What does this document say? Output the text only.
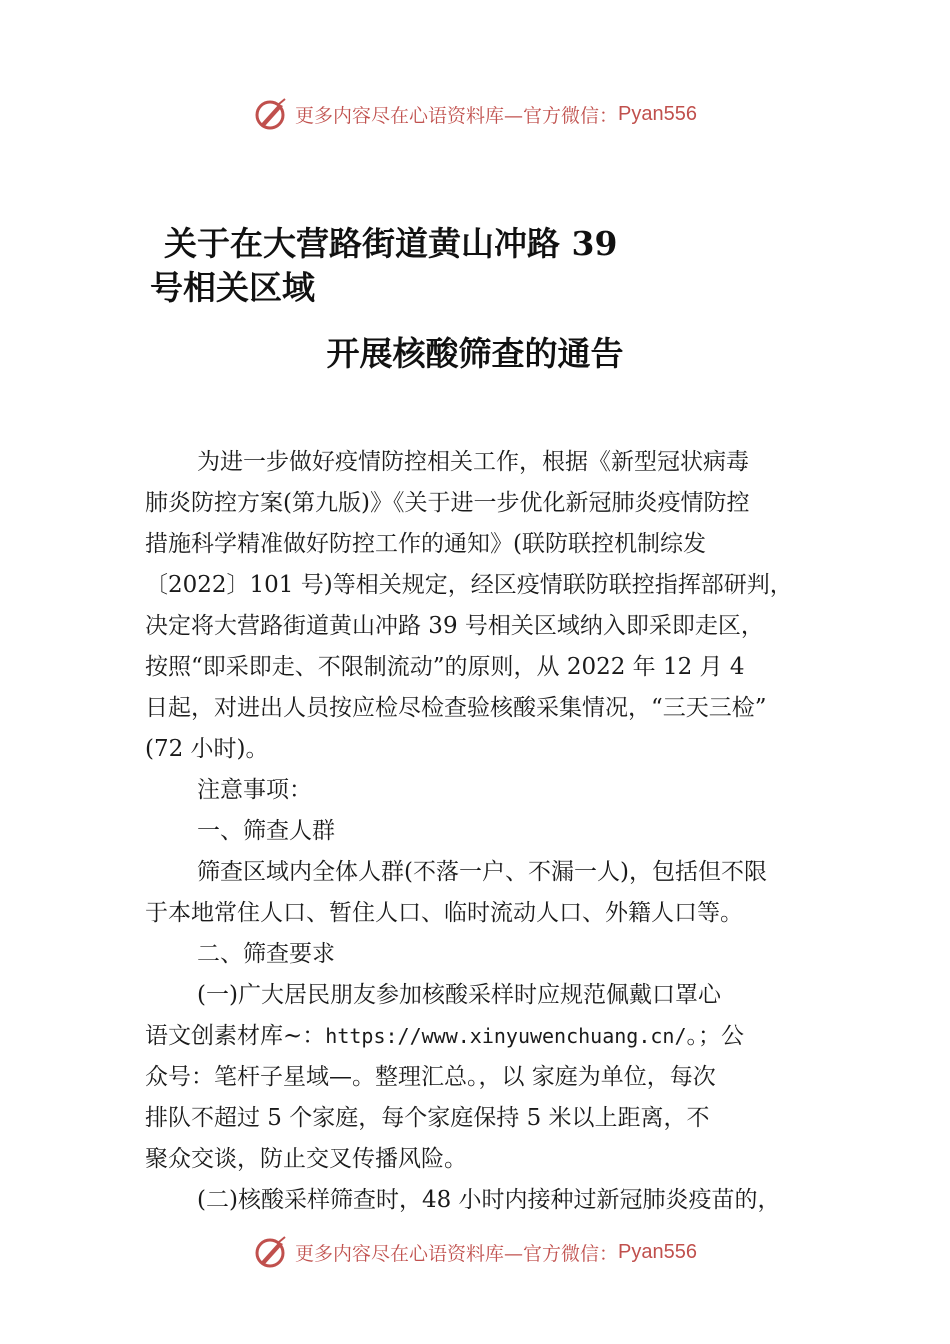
更多内容尽在心语资料库—官方微信： Pyan556
关于在大营路街道黄山冲路 39
号相关区域
开展核酸筛查的通告

为进一步做好疫情防控相关工作，根据《新型冠状病毒

肺炎防控方案(第九版)》《关于进一步优化新冠肺炎疫情防控

措施科学精准做好防控工作的通知》(联防联控机制综发

〔2022〕101 号)等相关规定，经区疫情联防联控指挥部研判，

决定将大营路街道黄山冲路 39 号相关区域纳入即采即走区，

按照“即采即走、不限制流动”的原则，从 2022 年 12 月 4

日起，对进出人员按应检尽检查验核酸采集情况，“三天三检”

(72 小时)。

注意事项：

一、筛查人群

筛查区域内全体人群(不落一户、不漏一人)，包括但不限

于本地常住人口、暂住人口、临时流动人口、外籍人口等。

二、筛查要求

(一)广大居民朋友参加核酸采样时应规范佩戴口罩心

语文创素材库~：https://www.xinyuwenchuang.cn/。；公

众号：笔杆子星域—。整理汇总。，以 家庭为单位，每次

排队不超过 5 个家庭，每个家庭保持 5 米以上距离，不

聚众交谈，防止交叉传播风险。

(二)核酸采样筛查时，48 小时内接种过新冠肺炎疫苗的，

更多内容尽在心语资料库—官方微信： Pyan556
